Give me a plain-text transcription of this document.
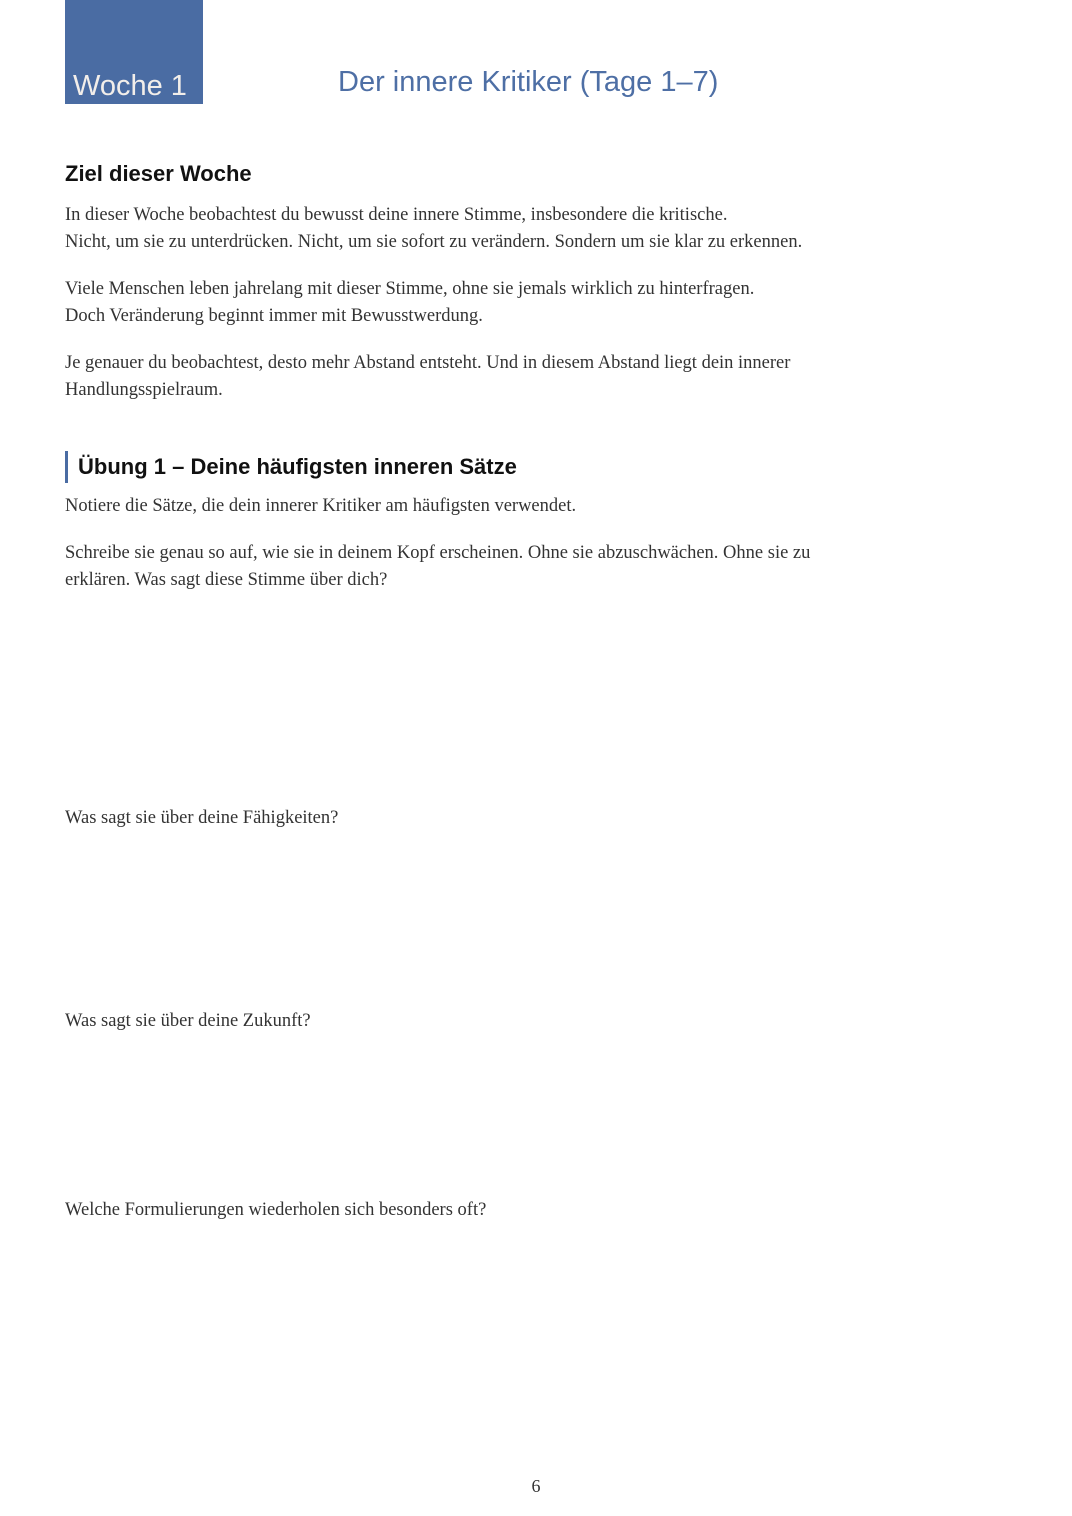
Woche 1	Der innere Kritiker (Tage 1–7)
Ziel dieser Woche
In dieser Woche beobachtest du bewusst deine innere Stimme, insbesondere die kritische.
Nicht, um sie zu unterdrücken. Nicht, um sie sofort zu verändern. Sondern um sie klar zu erkennen.
Viele Menschen leben jahrelang mit dieser Stimme, ohne sie jemals wirklich zu hinterfragen.
Doch Veränderung beginnt immer mit Bewusstwerdung.
Je genauer du beobachtest, desto mehr Abstand entsteht. Und in diesem Abstand liegt dein innerer
Handlungsspielraum.
Übung 1 – Deine häufigsten inneren Sätze
Notiere die Sätze, die dein innerer Kritiker am häufigsten verwendet.
Schreibe sie genau so auf, wie sie in deinem Kopf erscheinen. Ohne sie abzuschwächen. Ohne sie zu
erklären. Was sagt diese Stimme über dich?
Was sagt sie über deine Fähigkeiten?
Was sagt sie über deine Zukunft?
Welche Formulierungen wiederholen sich besonders oft?
6
